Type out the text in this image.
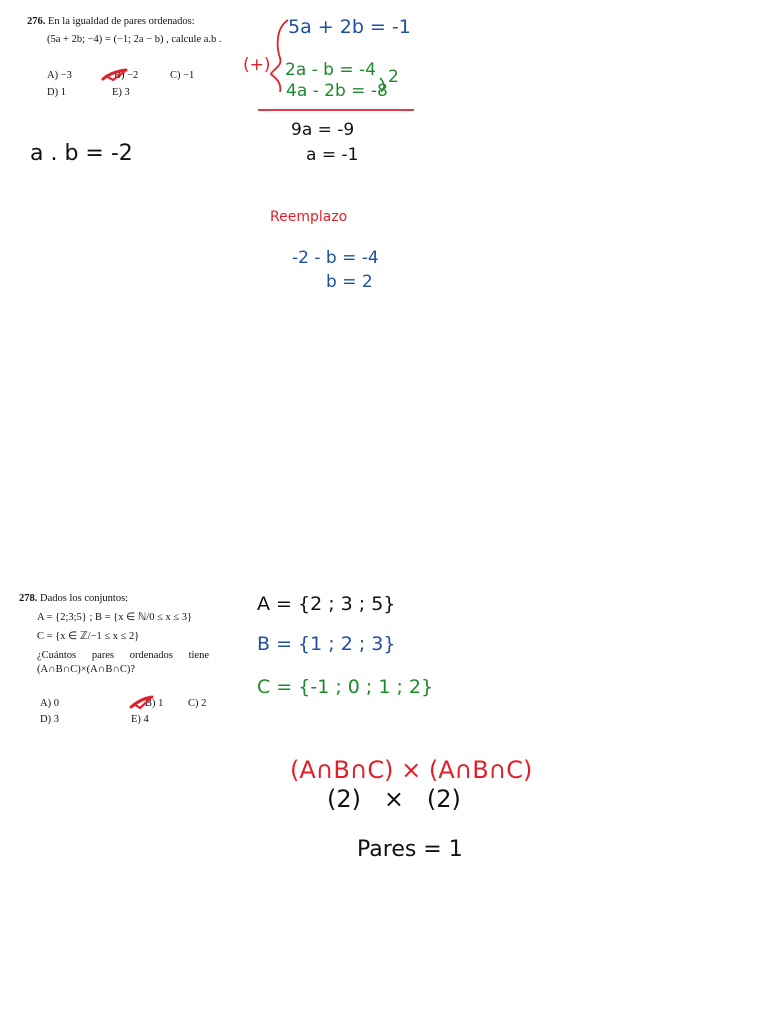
276. En la igualdad de pares ordenados:
(5a + 2b; −4) = (−1; 2a − b) , calcule a.b .
A) −3	B) −2	C) −1
D) 1	E) 3
5a + 2b = -1
(+) 2a - b = -4 2
4a - 2b = -8
9a = -9
a = -1
a . b = -2
Reemplazo
-2 - b = -4
b = 2
278. Dados los conjuntos:
A = {2;3;5} ; B = {x ∈ ℕ/0 ≤ x ≤ 3}
C = {x ∈ ℤ/−1 ≤ x ≤ 2}
¿Cuántos pares ordenados tiene
(A∩B∩C)×(A∩B∩C)?
A) 0	B) 1 C) 2
D) 3	E) 4
A = {2 ; 3 ; 5}
B = {1 ; 2 ; 3}
C = {-1 ; 0 ; 1 ; 2}
(A∩B∩C) × (A∩B∩C)
(2)   ×   (2)
Pares = 1
